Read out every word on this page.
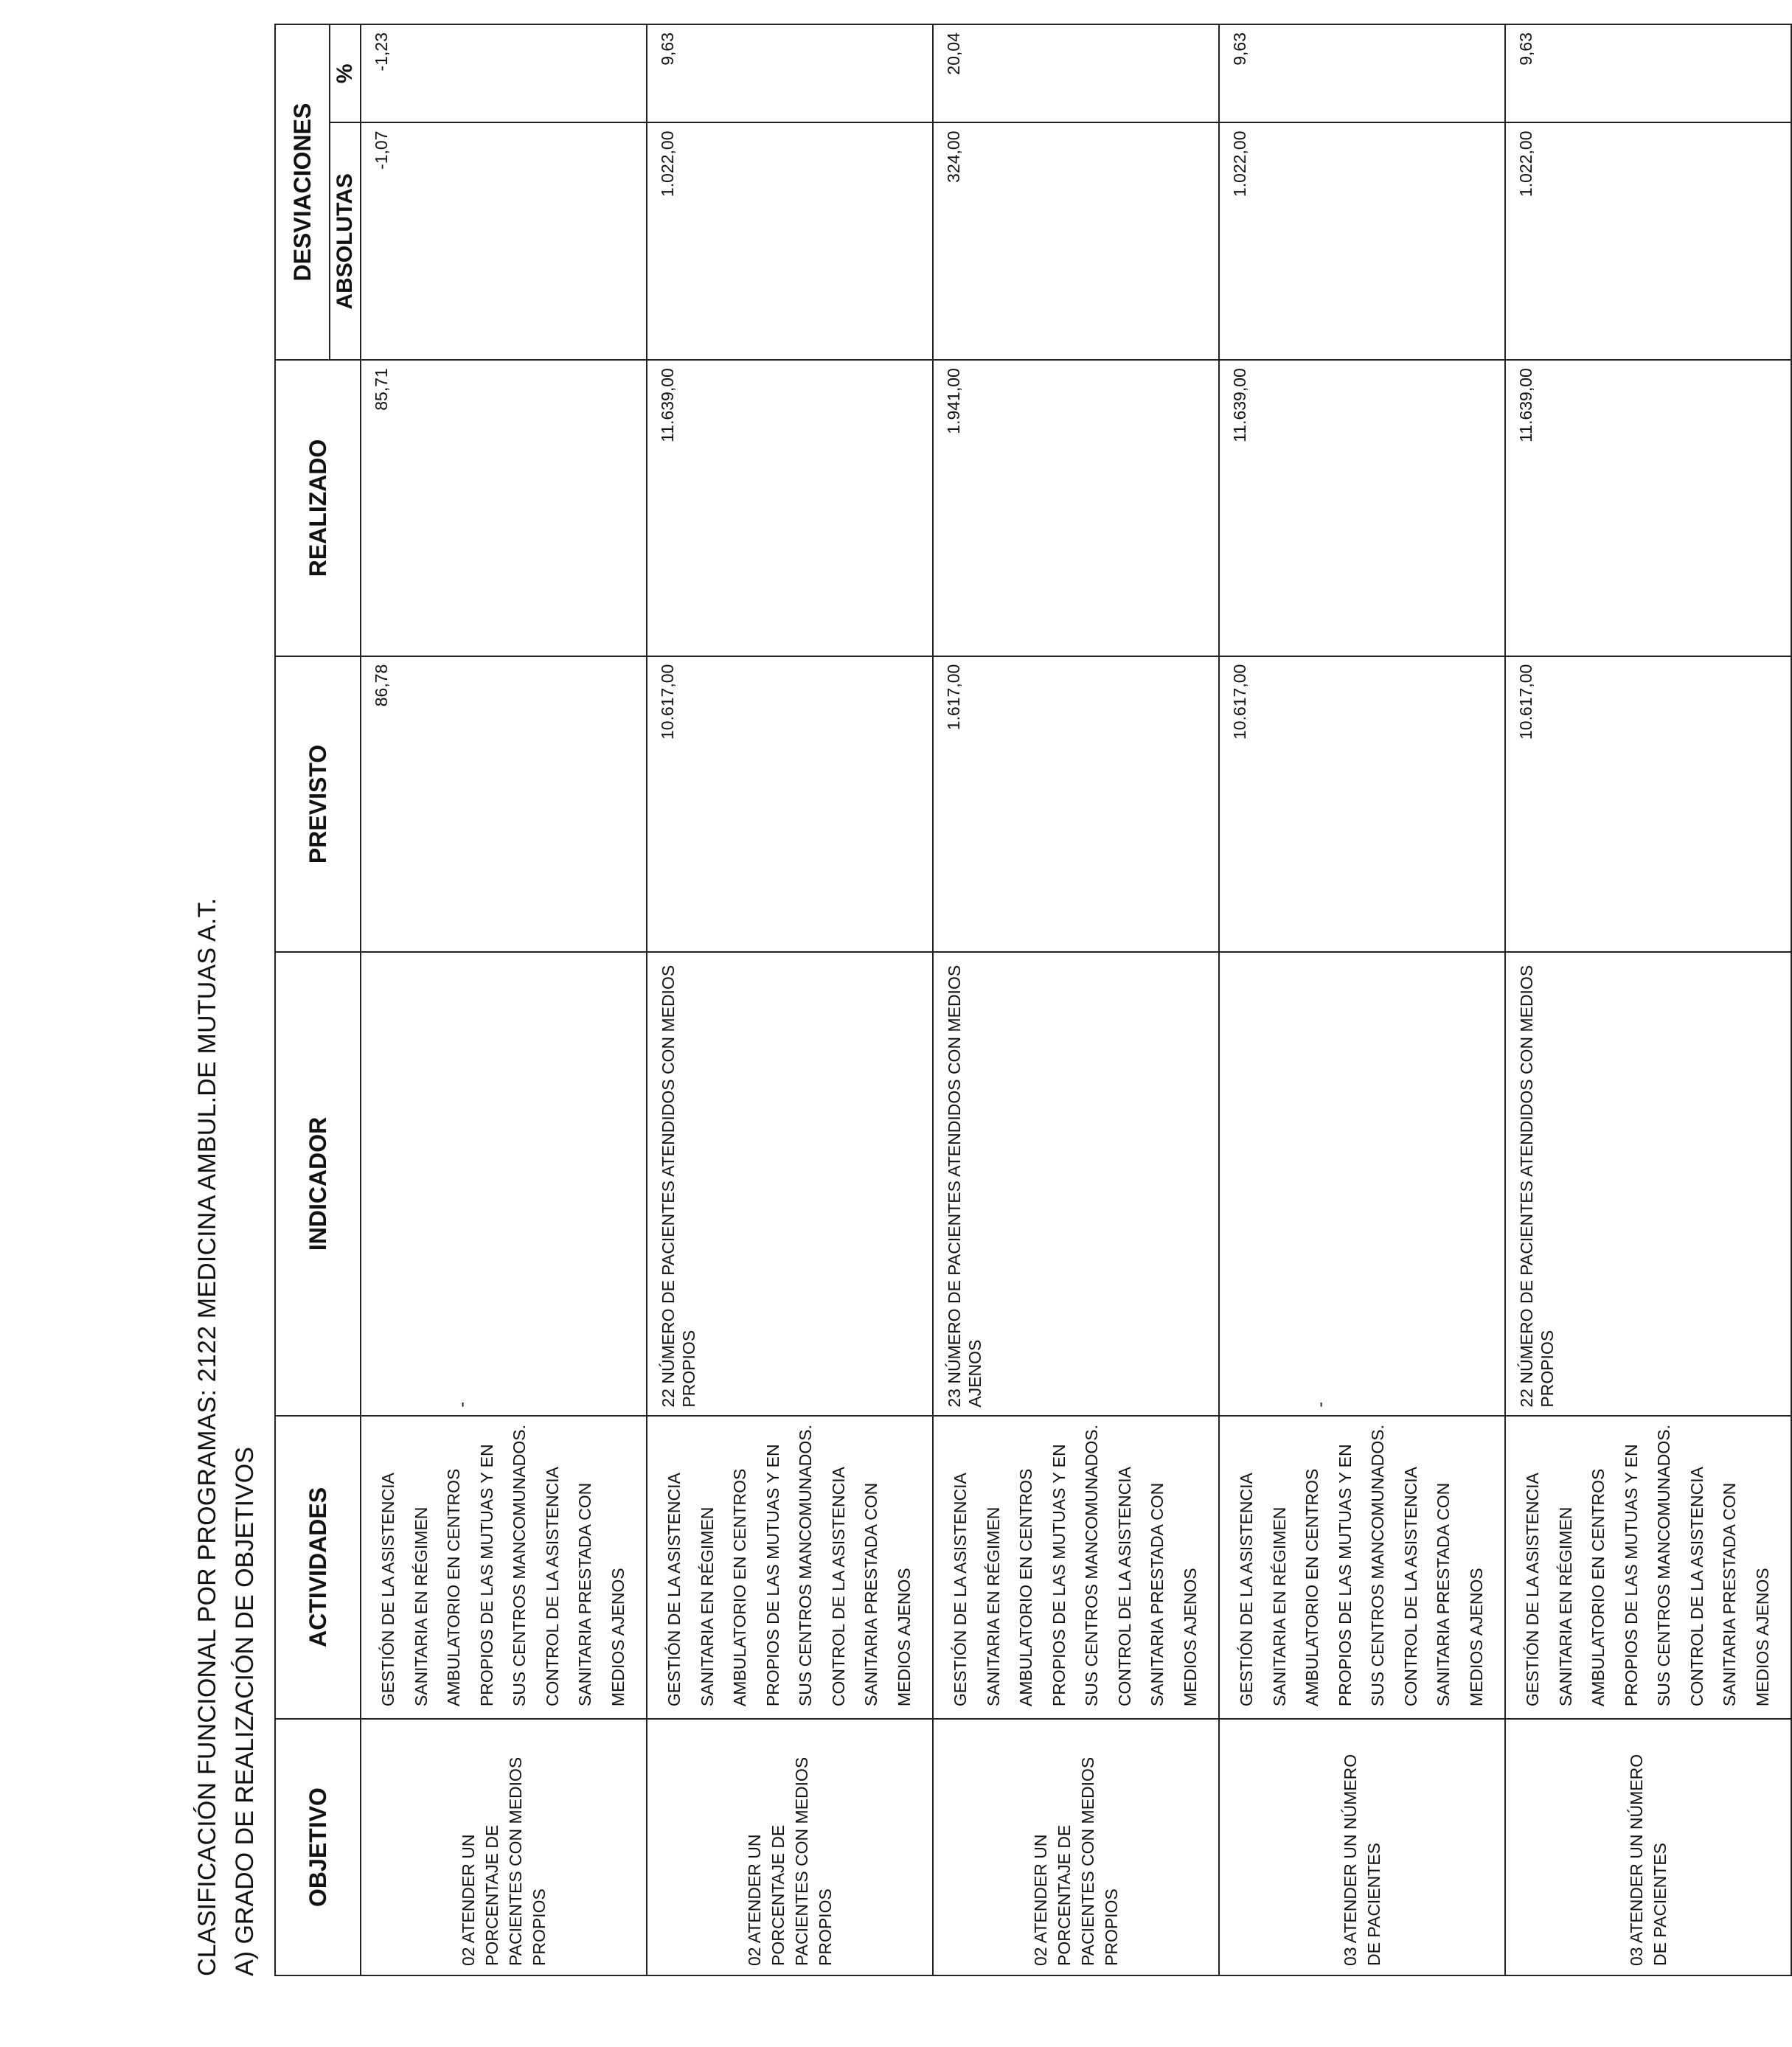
CLASIFICACIÓN FUNCIONAL POR PROGRAMAS: 2122 MEDICINA AMBUL.DE MUTUAS A.T. A) GRADO DE REALIZACIÓN DE OBJETIVOS OBJETIVO	ACTIVIDADES	INDICADOR	PREVISTO	REALIZADO	DESVIACIONES	
					ABSOLUTAS	%
02 ATENDER UN PORCENTAJE DE PACIENTES CON MEDIOS PROPIOS	GESTIÓN DE LA ASISTENCIA SANITARIA EN RÉGIMEN AMBULATORIO EN CENTROS PROPIOS DE LAS MUTUAS Y EN SUS CENTROS MANCOMUNADOS. CONTROL DE LA ASISTENCIA SANITARIA PRESTADA CON MEDIOS AJENOS	-	86,78	85,71	-1,07	-1,23
02 ATENDER UN PORCENTAJE DE PACIENTES CON MEDIOS PROPIOS	GESTIÓN DE LA ASISTENCIA SANITARIA EN RÉGIMEN AMBULATORIO EN CENTROS PROPIOS DE LAS MUTUAS Y EN SUS CENTROS MANCOMUNADOS. CONTROL DE LA ASISTENCIA SANITARIA PRESTADA CON MEDIOS AJENOS	22 NÚMERO DE PACIENTES ATENDIDOS CON MEDIOS PROPIOS	10.617,00	11.639,00	1.022,00	9,63
02 ATENDER UN PORCENTAJE DE PACIENTES CON MEDIOS PROPIOS	GESTIÓN DE LA ASISTENCIA SANITARIA EN RÉGIMEN AMBULATORIO EN CENTROS PROPIOS DE LAS MUTUAS Y EN SUS CENTROS MANCOMUNADOS. CONTROL DE LA ASISTENCIA SANITARIA PRESTADA CON MEDIOS AJENOS	23 NÚMERO DE PACIENTES ATENDIDOS CON MEDIOS AJENOS	1.617,00	1.941,00	324,00	20,04
03 ATENDER UN NÚMERO DE PACIENTES	GESTIÓN DE LA ASISTENCIA SANITARIA EN RÉGIMEN AMBULATORIO EN CENTROS PROPIOS DE LAS MUTUAS Y EN SUS CENTROS MANCOMUNADOS. CONTROL DE LA ASISTENCIA SANITARIA PRESTADA CON MEDIOS AJENOS	-	10.617,00	11.639,00	1.022,00	9,63
03 ATENDER UN NÚMERO DE PACIENTES	GESTIÓN DE LA ASISTENCIA SANITARIA EN RÉGIMEN AMBULATORIO EN CENTROS PROPIOS DE LAS MUTUAS Y EN SUS CENTROS MANCOMUNADOS. CONTROL DE LA ASISTENCIA SANITARIA PRESTADA CON MEDIOS AJENOS	22 NÚMERO DE PACIENTES ATENDIDOS CON MEDIOS PROPIOS	10.617,00	11.639,00	1.022,00	9,63
